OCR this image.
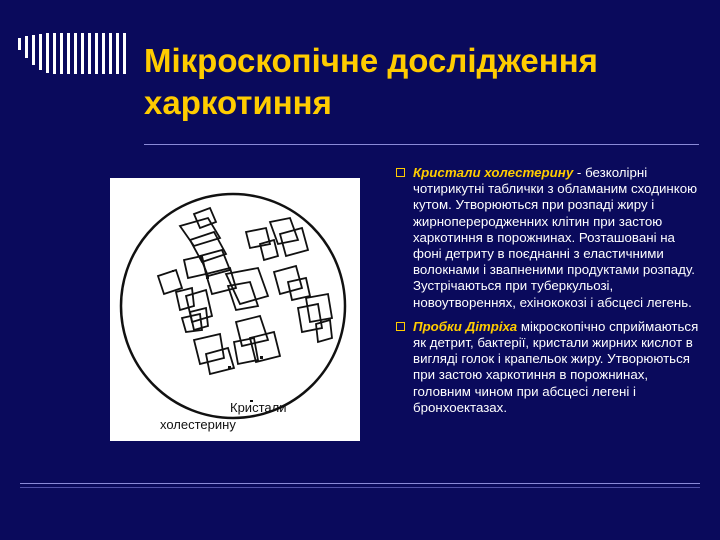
Мікроскопічне дослідження
харкотиння
Кристали
холестерину
Кристали холестерину - безколірні чотирикутні таблички з обламаним сходинкою кутом. Утворюються при розпаді жиру і жирнопереродженних клітин при застою харкотиння в порожнинах. Розташовані на фоні детриту в поєднанні з еластичними волокнами і звапненими продуктами розпаду. Зустрічаються при туберкульозі, новоутвореннях, ехінококозі і абсцесі легень.
Пробки Дітріха мікроскопічно сприймаються як детрит, бактерії, кристали жирних кислот в вигляді голок і крапельок жиру. Утворюються при застою харкотиння в порожнинах, головним чином при абсцесі легені і бронхоектазах.
